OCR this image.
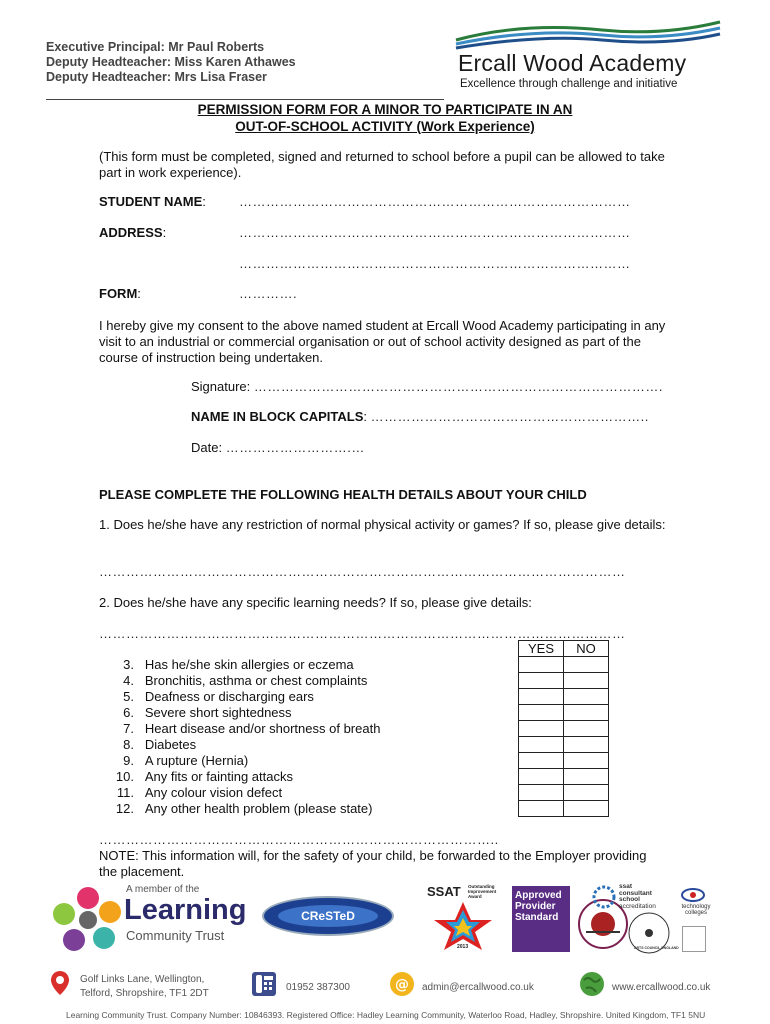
Executive Principal: Mr Paul Roberts
Deputy Headteacher: Miss Karen Athawes
Deputy Headteacher: Mrs Lisa Fraser
Ercall Wood Academy
Excellence through challenge and initiative
PERMISSION FORM FOR A MINOR TO PARTICIPATE IN AN
OUT-OF-SCHOOL ACTIVITY (Work Experience)
(This form must be completed, signed and returned to school before a pupil can be allowed to take part in work experience).
STUDENT NAME:	……………………………………………………………………………
ADDRESS:	……………………………………………………………………………
……………………………………………………………………………
FORM:	………….
I hereby give my consent to the above named student at Ercall Wood Academy participating in any visit to an industrial or commercial organisation or out of school activity designed as part of the course of instruction being undertaken.
Signature: ……………………………………………………………………………….
NAME IN BLOCK CAPITALS: ……………………………………………………..
Date: ……………………….…
PLEASE COMPLETE THE FOLLOWING HEALTH DETAILS ABOUT YOUR CHILD
1. Does he/she have any restriction of normal physical activity or games? If so, please give details:
………………………………………………………………………………………………………
2. Does he/she have any specific learning needs? If so, please give details:
………………………………………………………………………………………………………
YES	NO

3.
Has he/she skin allergies or eczema
4.
Bronchitis, asthma or chest complaints
5.
Deafness or discharging ears
6.
Severe short sightedness
7.
Heart disease and/or shortness of breath
8.
Diabetes
9.
A rupture (Hernia)
10.
Any fits or fainting attacks
11.
Any colour vision defect
12.
Any other health problem (please state)
……………………………………………………………………………..
NOTE: This information will, for the safety of your child, be forwarded to the Employer providing the placement.
A member of the
Learning
Community Trust
CReSTeD
SSAT Outstanding Improvement Award
2013
Approved
Provider
Standard
ssat
consultant
school
accreditation
ARTS COUNCIL ENGLAND
technology colleges
Golf Links Lane, Wellington,
Telford, Shropshire, TF1 2DT
01952 387300	@ admin@ercallwood.co.uk	www.ercallwood.co.uk
Learning Community Trust. Company Number: 10846393. Registered Office: Hadley Learning Community, Waterloo Road, Hadley, Shropshire. United Kingdom, TF1 5NU
